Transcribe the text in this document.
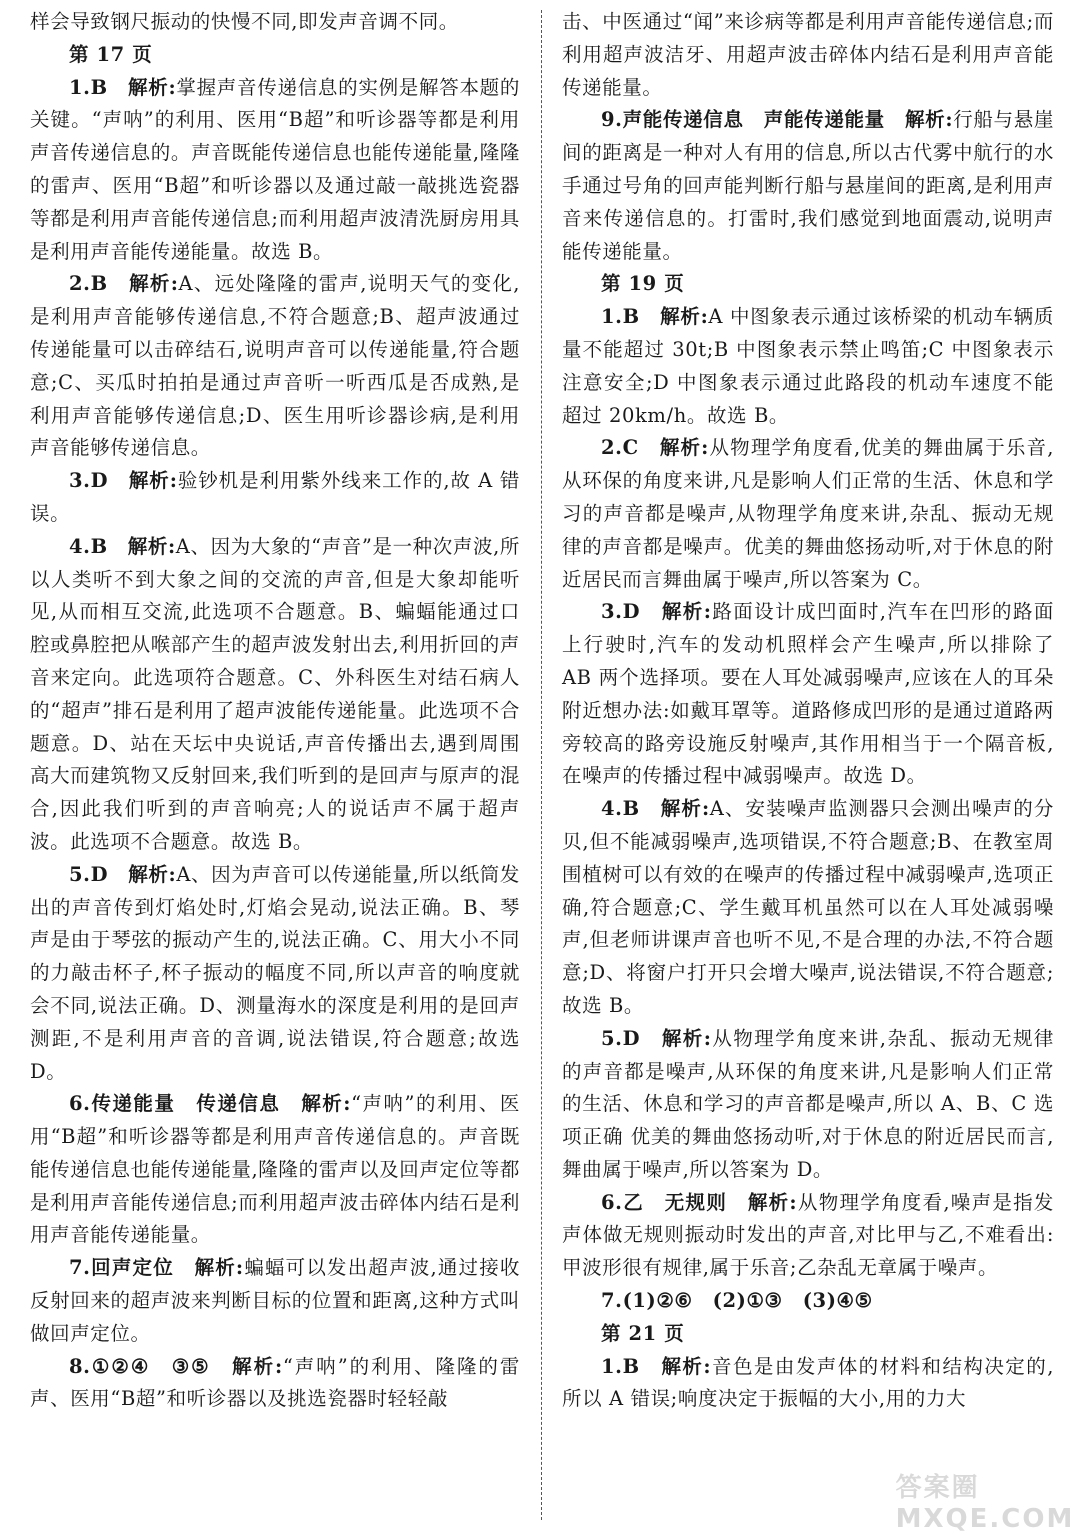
样会导致钢尺振动的快慢不同,即发声音调不同。

第 17 页

1.B　 解析:掌握声音传递信息的实例是解答本题的关键。“声呐”的利用、医用“B超”和听诊器等都是利用声音传递信息的。声音既能传递信息也能传递能量,隆隆的雷声、医用“B超”和听诊器以及通过敲一敲挑选瓷器等都是利用声音能传递信息;而利用超声波清洗厨房用具是利用声音能传递能量。故选 B。

2.B　 解析:A、远处隆隆的雷声,说明天气的变化,是利用声音能够传递信息,不符合题意;B、超声波通过传递能量可以击碎结石,说明声音可以传递能量,符合题意;C、买瓜时拍拍是通过声音听一听西瓜是否成熟,是利用声音能够传递信息;D、医生用听诊器诊病,是利用声音能够传递信息。

3.D　 解析:验钞机是利用紫外线来工作的,故 A 错误。

4.B　 解析:A、因为大象的“声音”是一种次声波,所以人类听不到大象之间的交流的声音,但是大象却能听见,从而相互交流,此选项不合题意。B、蝙蝠能通过口腔或鼻腔把从喉部产生的超声波发射出去,利用折回的声音来定向。此选项符合题意。C、外科医生对结石病人的“超声”排石是利用了超声波能传递能量。此选项不合题意。D、站在天坛中央说话,声音传播出去,遇到周围高大而建筑物又反射回来,我们听到的是回声与原声的混合,因此我们听到的声音响亮;人的说话声不属于超声波。此选项不合题意。故选 B。

5.D　 解析:A、因为声音可以传递能量,所以纸筒发出的声音传到灯焰处时,灯焰会晃动,说法正确。B、琴声是由于琴弦的振动产生的,说法正确。C、用大小不同的力敲击杯子,杯子振动的幅度不同,所以声音的响度就会不同,说法正确。D、测量海水的深度是利用的是回声测距,不是利用声音的音调,说法错误,符合题意;故选 D。

6.传递能量　传递信息　 解析:“声呐”的利用、医用“B超”和听诊器等都是利用声音传递信息的。声音既能传递信息也能传递能量,隆隆的雷声以及回声定位等都是利用声音能传递信息;而利用超声波击碎体内结石是利用声音能传递能量。

7.回声定位　 解析:蝙蝠可以发出超声波,通过接收反射回来的超声波来判断目标的位置和距离,这种方式叫做回声定位。

8.①②④　③⑤　 解析:“声呐”的利用、隆隆的雷声、医用“B超”和听诊器以及挑选瓷器时轻轻敲

击、中医通过“闻”来诊病等都是利用声音能传递信息;而利用超声波洁牙、用超声波击碎体内结石是利用声音能传递能量。

9.声能传递信息　声能传递能量　 解析:行船与悬崖间的距离是一种对人有用的信息,所以古代雾中航行的水手通过号角的回声能判断行船与悬崖间的距离,是利用声音来传递信息的。打雷时,我们感觉到地面震动,说明声能传递能量。

第 19 页

1.B　 解析:A 中图象表示通过该桥梁的机动车辆质量不能超过 30t;B 中图象表示禁止鸣笛;C 中图象表示注意安全;D 中图象表示通过此路段的机动车速度不能超过 20km/h。故选 B。

2.C　 解析:从物理学角度看,优美的舞曲属于乐音,从环保的角度来讲,凡是影响人们正常的生活、休息和学习的声音都是噪声,从物理学角度来讲,杂乱、振动无规律的声音都是噪声。优美的舞曲悠扬动听,对于休息的附近居民而言舞曲属于噪声,所以答案为 C。

3.D　 解析:路面设计成凹面时,汽车在凹形的路面上行驶时,汽车的发动机照样会产生噪声,所以排除了 AB 两个选择项。要在人耳处减弱噪声,应该在人的耳朵附近想办法:如戴耳罩等。道路修成凹形的是通过道路两旁较高的路旁设施反射噪声,其作用相当于一个隔音板,在噪声的传播过程中减弱噪声。故选 D。

4.B　 解析:A、安装噪声监测器只会测出噪声的分贝,但不能减弱噪声,选项错误,不符合题意;B、在教室周围植树可以有效的在噪声的传播过程中减弱噪声,选项正确,符合题意;C、学生戴耳机虽然可以在人耳处减弱噪声,但老师讲课声音也听不见,不是合理的办法,不符合题意;D、将窗户打开只会增大噪声,说法错误,不符合题意;故选 B。

5.D　 解析:从物理学角度来讲,杂乱、振动无规律的声音都是噪声,从环保的角度来讲,凡是影响人们正常的生活、休息和学习的声音都是噪声,所以 A、B、C 选项正确 优美的舞曲悠扬动听,对于休息的附近居民而言,舞曲属于噪声,所以答案为 D。

6.乙　无规则　 解析:从物理学角度看,噪声是指发声体做无规则振动时发出的声音,对比甲与乙,不难看出:甲波形很有规律,属于乐音;乙杂乱无章属于噪声。

7.(1)②⑥　(2)①③　(3)④⑤

第 21 页

1.B　 解析:音色是由发声体的材料和结构决定的,所以 A 错误;响度决定于振幅的大小,用的力大

答案圈 MXQE.COM
